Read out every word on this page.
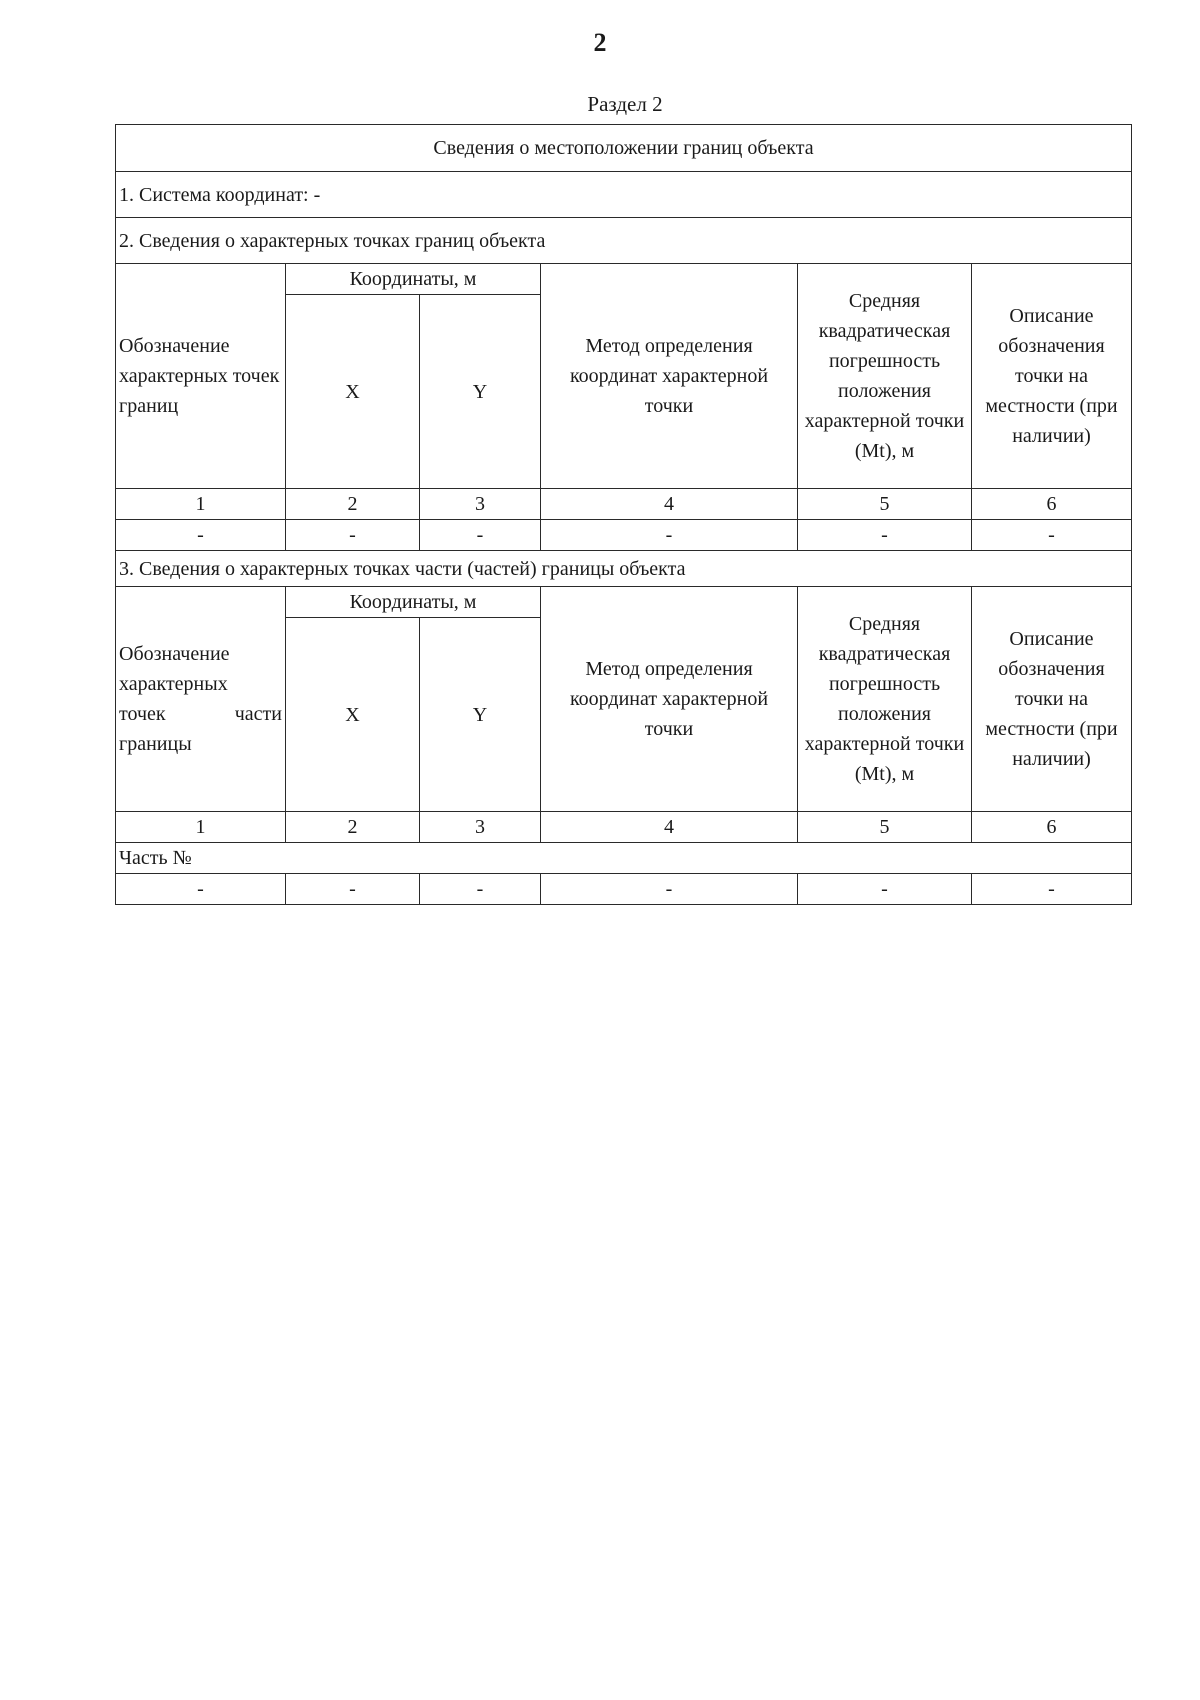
2
Раздел 2
Сведения о местоположении границ объекта					
1. Система координат: -					
2. Сведения о характерных точках границ объекта					
Обозначение характерных точек границ	Координаты, м		Метод определения координат характерной точки	Средняя квадратическая погрешность положения характерной точки (Mt), м	Описание обозначения точки на местности (при наличии)
	X	Y			
1	2	3	4	5	6
-	-	-	-	-	-
3. Сведения о характерных точках части (частей) границы объекта					

Обозначение
характерных
точек части
границы	Координаты, м		Метод определения координат характерной точки	Средняя квадратическая погрешность положения характерной точки (Mt), м	Описание обозначения точки на местности (при наличии)
	X	Y			
1	2	3	4	5	6
Часть №					
-	-	-	-	-	-
